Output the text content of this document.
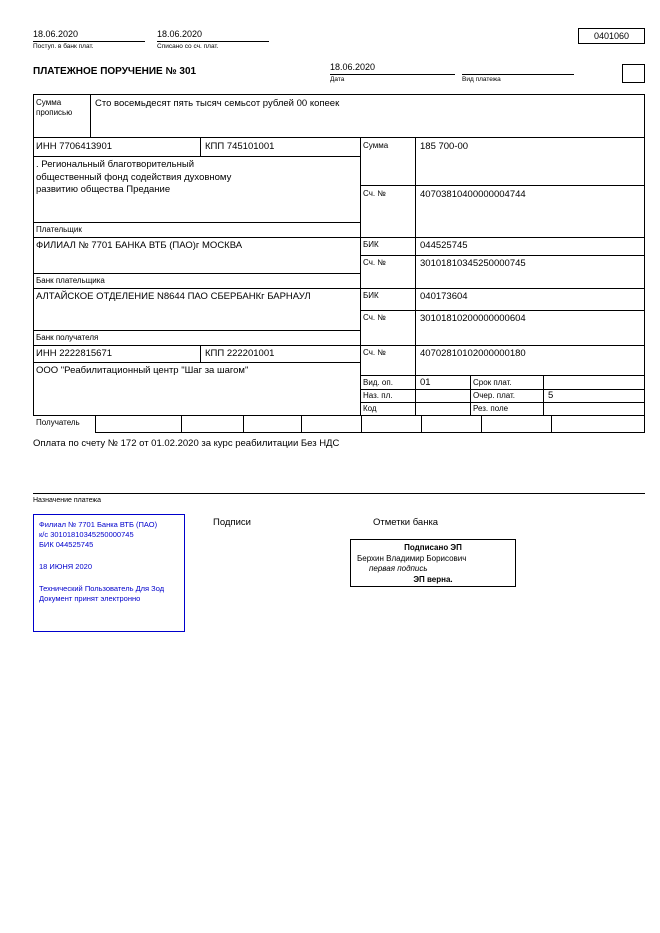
18.06.2020
Поступ. в банк плат.
18.06.2020
Списано со сч. плат.
0401060
ПЛАТЕЖНОЕ ПОРУЧЕНИЕ № 301	18.06.2020
Дата	Вид платежа
Сумма прописью
Сто восемьдесят пять тысяч семьсот рублей 00 копеек
ИНН 7706413901	КПП 745101001	Сумма	185 700-00
. Региональный благотворительный общественный фонд содействия духовному развитию общества Предание	Сч. №	40703810400000004744
Плательщик
ФИЛИАЛ № 7701 БАНКА ВТБ (ПАО)г МОСКВА	БИК	044525745
Сч. №	30101810345250000745
Банк плательщика
АЛТАЙСКОЕ ОТДЕЛЕНИЕ N8644 ПАО СБЕРБАНКг БАРНАУЛ	БИК	040173604
Сч. №	30101810200000000604
Банк получателя
ИНН 2222815671	КПП 222201001	Сч. №	40702810102000000180
ООО "Реабилитационный центр "Шаг за шагом"
Получатель
Вид. оп.	01	Срок плат.
Наз. пл.	Очер. плат.	5
Код	Рез. поле
Оплата по счету № 172 от 01.02.2020 за курс реабилитации Без НДС
Назначение платежа
Филиал № 7701 Банка ВТБ (ПАО)
к/с 30101810345250000745
БИК 044525745
18 ИЮНЯ 2020
Технический Пользователь Для Зод
Документ принят электронно
Подписи	Отметки банка
Подписано ЭП
Берхин Владимир Борисович
первая подпись
ЭП верна.
